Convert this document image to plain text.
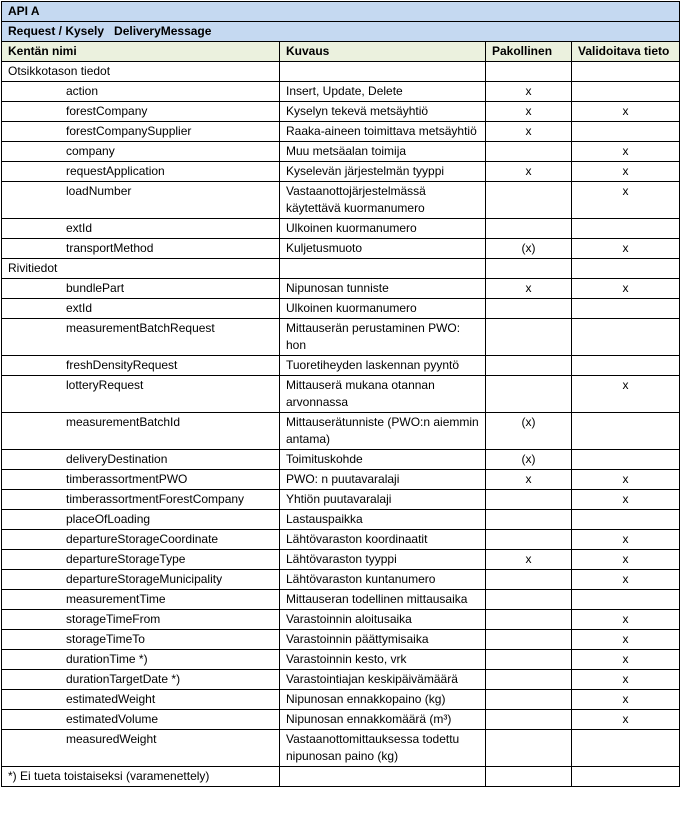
API A			
Request / Kysely   DeliveryMessage			
Kentän nimi	Kuvaus	Pakollinen	Validoitava tieto
Otsikkotason tiedot			
action	Insert, Update, Delete	x	
forestCompany	Kyselyn tekevä metsäyhtiö	x	x
forestCompanySupplier	Raaka-aineen toimittava metsäyhtiö	x	
company	Muu metsäalan toimija		x
requestApplication	Kyselevän järjestelmän tyyppi	x	x
loadNumber	Vastaanottojärjestelmässä käytettävä kuormanumero		x
extId	Ulkoinen kuormanumero		
transportMethod	Kuljetusmuoto	(x)	x
Rivitiedot			
bundlePart	Nipunosan tunniste	x	x
extId	Ulkoinen kuormanumero		
measurementBatchRequest	Mittauserän perustaminen PWO: hon		
freshDensityRequest	Tuoretiheyden laskennan pyyntö		
lotteryRequest	Mittauserä mukana otannan arvonnassa		x
measurementBatchId	Mittauserätunniste (PWO:n aiemmin antama)	(x)	
deliveryDestination	Toimituskohde	(x)	
timberassortmentPWO	PWO: n puutavaralaji	x	x
timberassortmentForestCompany	Yhtiön puutavaralaji		x
placeOfLoading	Lastauspaikka		
departureStorageCoordinate	Lähtövaraston koordinaatit		x
departureStorageType	Lähtövaraston tyyppi	x	x
departureStorageMunicipality	Lähtövaraston kuntanumero		x
measurementTime	Mittauseran todellinen mittausaika		
storageTimeFrom	Varastoinnin aloitusaika		x
storageTimeTo	Varastoinnin päättymisaika		x
durationTime *)	Varastoinnin kesto, vrk		x
durationTargetDate *)	Varastointiajan keskipäivämäärä		x
estimatedWeight	Nipunosan ennakkopaino (kg)		x
estimatedVolume	Nipunosan ennakkomäärä (m³)		x
measuredWeight	Vastaanottomittauksessa todettu nipunosan paino (kg)		
*) Ei tueta toistaiseksi (varamenettely)			
